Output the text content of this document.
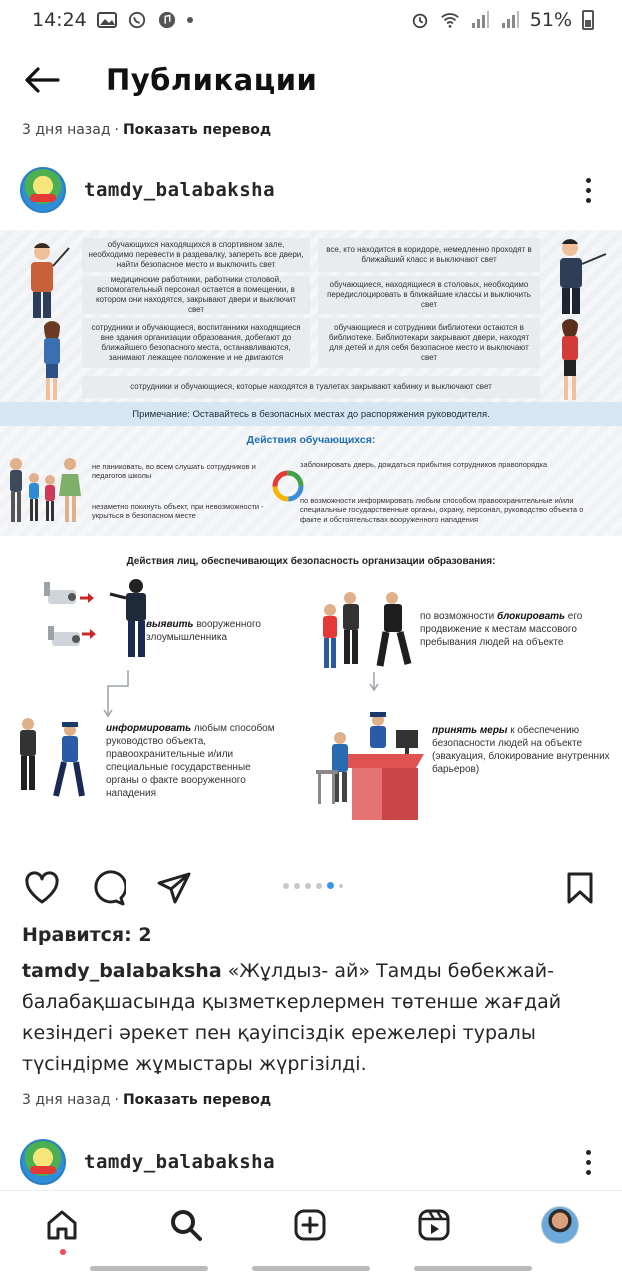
14:24	51%
Публикации
3 дня назад · Показать перевод
tamdy_balabaksha
обучающихся находящихся в спортивном зале, необходимо перевести в раздевалку, запереть все двери, найти безопасное место и выключить свет
все, кто находится в коридоре, немедленно проходят в ближайший класс и выключают свет
медицинские работники, работники столовой, вспомогательный персонал остается в помещении, в котором они находятся, закрывают двери и выключит свет
обучающиеся, находящиеся в столовых, необходимо передислоцировать в ближайшие классы и выключить свет
сотрудники и обучающиеся, воспитанники находящиеся вне здания организации образования, добегают до ближайшего безопасного места, останавливаются, занимают лежащее положение и не двигаются
обучающиеся и сотрудники библиотеки остаются в библиотеке. Библиотекари закрывают двери, находят для детей и для себя безопасное место и выключают свет
сотрудники и обучающиеся, которые находятся в туалетах закрывают кабинку и выключают свет
Примечание: Оставайтесь в безопасных местах до распоряжения руководителя.
Действия обучающихся:
не паниковать, во всем слушать сотрудников и педагогов школы
незаметно покинуть объект, при невозможности - укрыться в безопасном месте
заблокировать дверь, дождаться прибытия сотрудников правопорядка
по возможности информировать любым способом правоохранительные и/или специальные государственные органы, охрану, персонал, руководство объекта о факте и обстоятельствах вооруженного нападения
Действия лиц, обеспечивающих безопасность организации образования:
выявить вооруженного злоумышленника
по возможности блокировать его продвижение к местам массового пребывания людей на объекте
информировать любым способом руководство объекта, правоохранительные и/или специальные государственные органы о факте вооруженного нападения
принять меры к обеспечению безопасности людей на объекте (эвакуация, блокирование внутренних барьеров)
Нравится: 2
tamdy_balabaksha «Жұлдыз- ай» Тамды бөбекжай-балабақшасында қызметкерлермен төтенше жағдай кезіндегі әрекет пен қауіпсіздік ережелері туралы түсіндірме жұмыстары жүргізілді.
3 дня назад · Показать перевод
tamdy_balabaksha
